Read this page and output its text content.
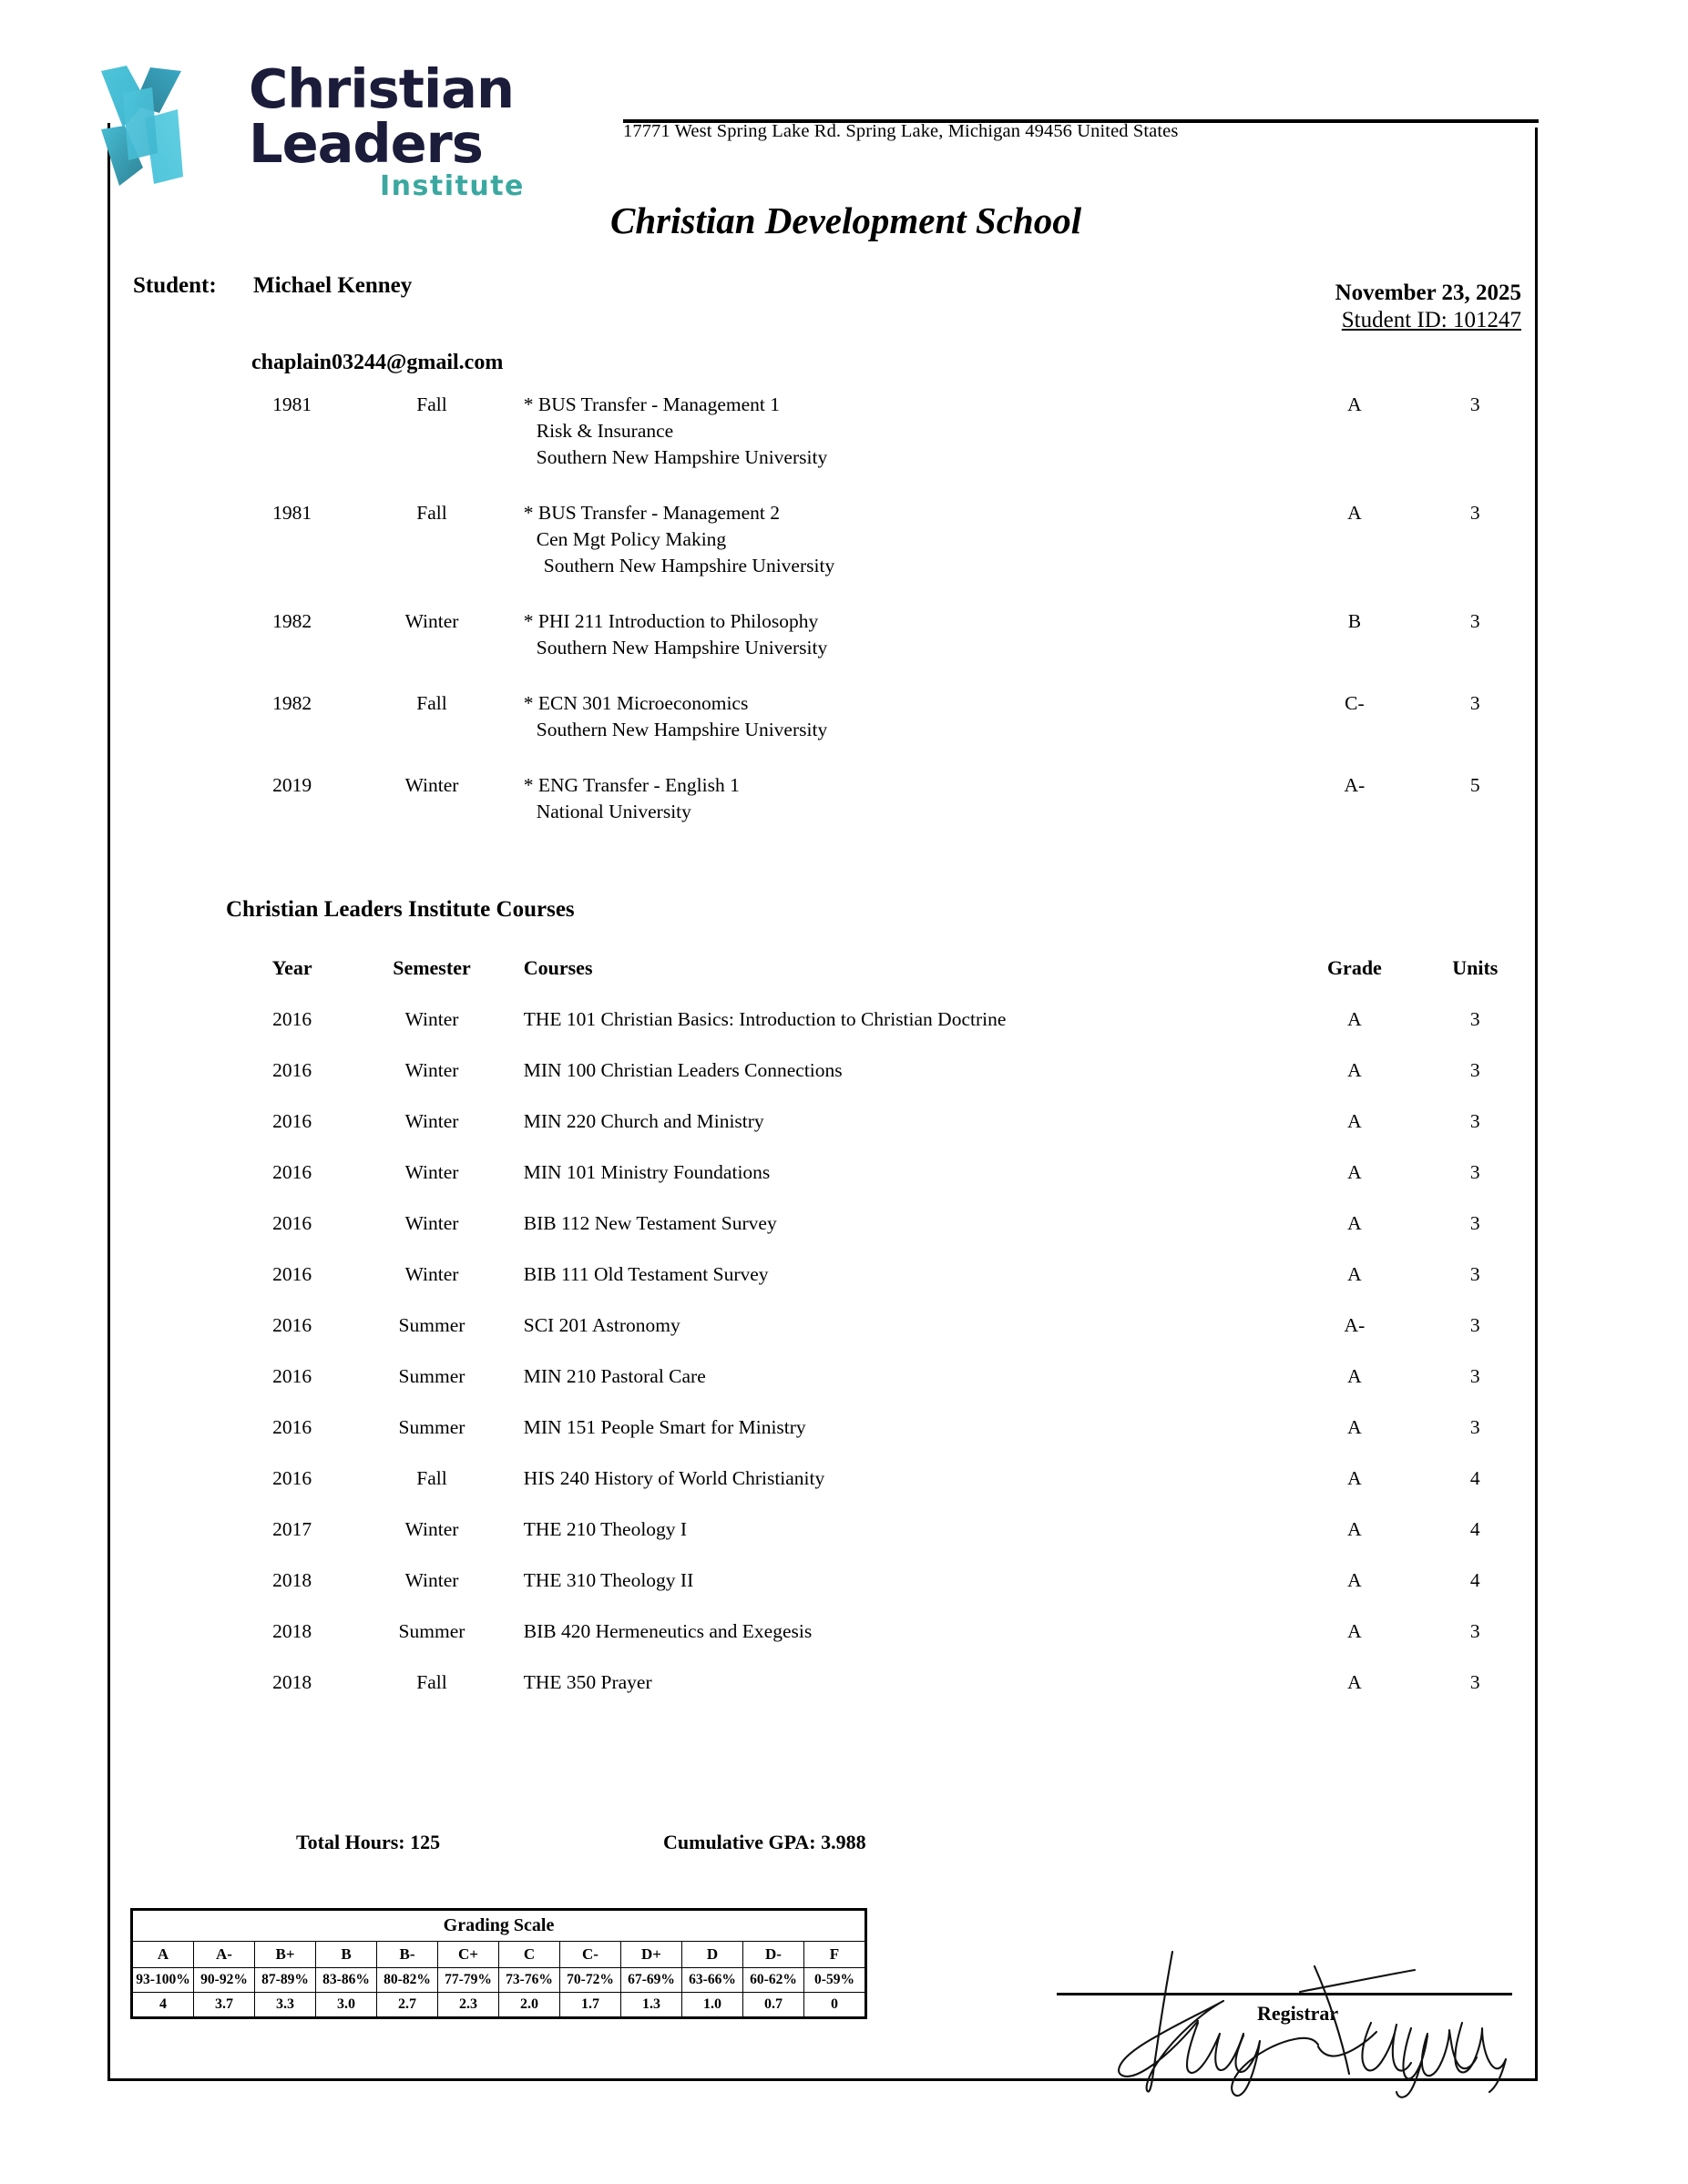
Christian
Leaders
Institute
17771 West Spring Lake Rd. Spring Lake, Michigan 49456 United States
Christian Development School
Student: Michael Kenney
chaplain03244@gmail.com
November 23, 2025
Student ID: 101247
1981	Fall	* BUS Transfer - Management 1
Risk & Insurance
Southern New Hampshire University	A	3

1981	Fall	* BUS Transfer - Management 2
Cen Mgt Policy Making
Southern New Hampshire University	A	3

1982	Winter	* PHI 211 Introduction to Philosophy
Southern New Hampshire University	B	3

1982	Fall	* ECN 301 Microeconomics
Southern New Hampshire University	C-	3

2019	Winter	* ENG Transfer - English 1
National University	A-	5
Christian Leaders Institute Courses
Year	Semester	Courses	Grade	Units
2016	Winter	THE 101 Christian Basics: Introduction to Christian Doctrine	A	3
2016	Winter	MIN 100 Christian Leaders Connections	A	3
2016	Winter	MIN 220 Church and Ministry	A	3
2016	Winter	MIN 101 Ministry Foundations	A	3
2016	Winter	BIB 112 New Testament Survey	A	3
2016	Winter	BIB 111 Old Testament Survey	A	3
2016	Summer	SCI 201 Astronomy	A-	3
2016	Summer	MIN 210 Pastoral Care	A	3
2016	Summer	MIN 151 People Smart for Ministry	A	3
2016	Fall	HIS 240 History of World Christianity	A	4
2017	Winter	THE 210 Theology I	A	4
2018	Winter	THE 310 Theology II	A	4
2018	Summer	BIB 420 Hermeneutics and Exegesis	A	3
2018	Fall	THE 350 Prayer	A	3
Total Hours: 125	Cumulative GPA: 3.988
Grading Scale											
A	A-	B+	B	B-	C+	C	C-	D+	D	D-	F
93-100%	90-92%	87-89%	83-86%	80-82%	77-79%	73-76%	70-72%	67-69%	63-66%	60-62%	0-59%
4	3.7	3.3	3.0	2.7	2.3	2.0	1.7	1.3	1.0	0.7	0	Registrar
